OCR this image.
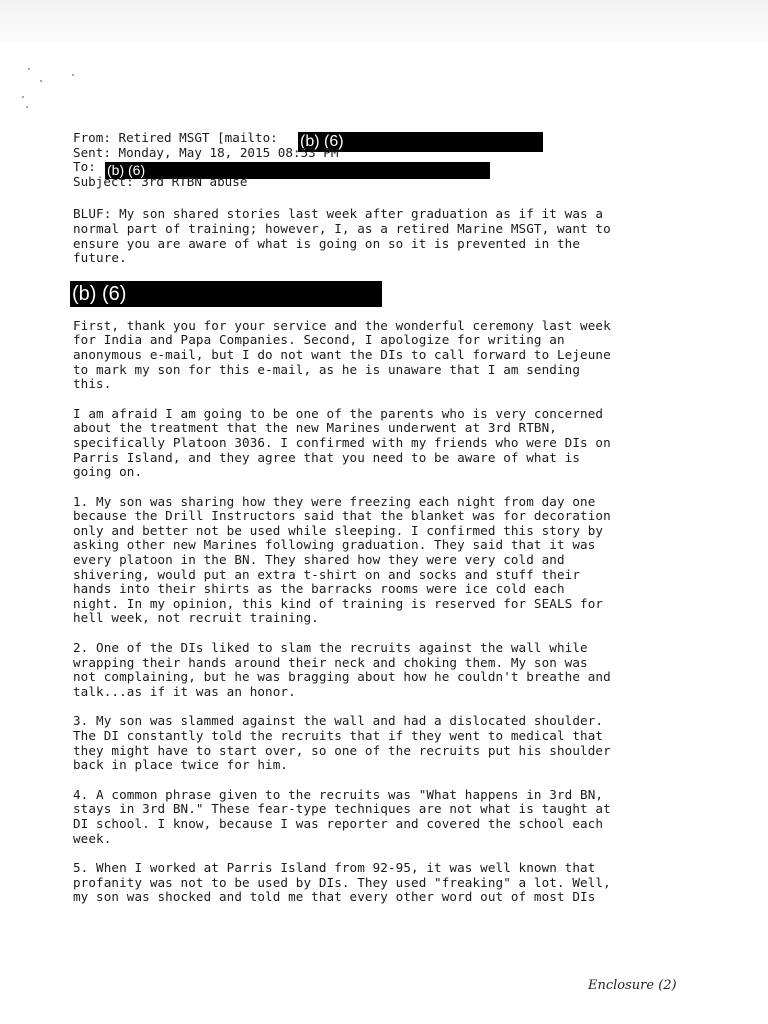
From: Retired MSGT [mailto: (b) (6)
Sent: Monday, May 18, 2015 08:53 PM
To: (b) (6)
Subject: 3rd RTBN abuse

BLUF: My son shared stories last week after graduation as if it was a
normal part of training; however, I, as a retired Marine MSGT, want to
ensure you are aware of what is going on so it is prevented in the
future.

(b) (6)

First, thank you for your service and the wonderful ceremony last week
for India and Papa Companies. Second, I apologize for writing an
anonymous e-mail, but I do not want the DIs to call forward to Lejeune
to mark my son for this e-mail, as he is unaware that I am sending
this.

I am afraid I am going to be one of the parents who is very concerned
about the treatment that the new Marines underwent at 3rd RTBN,
specifically Platoon 3036. I confirmed with my friends who were DIs on
Parris Island, and they agree that you need to be aware of what is
going on.

1. My son was sharing how they were freezing each night from day one
because the Drill Instructors said that the blanket was for decoration
only and better not be used while sleeping. I confirmed this story by
asking other new Marines following graduation. They said that it was
every platoon in the BN. They shared how they were very cold and
shivering, would put an extra t-shirt on and socks and stuff their
hands into their shirts as the barracks rooms were ice cold each
night. In my opinion, this kind of training is reserved for SEALS for
hell week, not recruit training.

2. One of the DIs liked to slam the recruits against the wall while
wrapping their hands around their neck and choking them. My son was
not complaining, but he was bragging about how he couldn't breathe and
talk...as if it was an honor.

3. My son was slammed against the wall and had a dislocated shoulder.
The DI constantly told the recruits that if they went to medical that
they might have to start over, so one of the recruits put his shoulder
back in place twice for him.

4. A common phrase given to the recruits was "What happens in 3rd BN,
stays in 3rd BN." These fear-type techniques are not what is taught at
DI school. I know, because I was reporter and covered the school each
week.

5. When I worked at Parris Island from 92-95, it was well known that
profanity was not to be used by DIs. They used "freaking" a lot. Well,
my son was shocked and told me that every other word out of most DIs

Enclosure (2)
